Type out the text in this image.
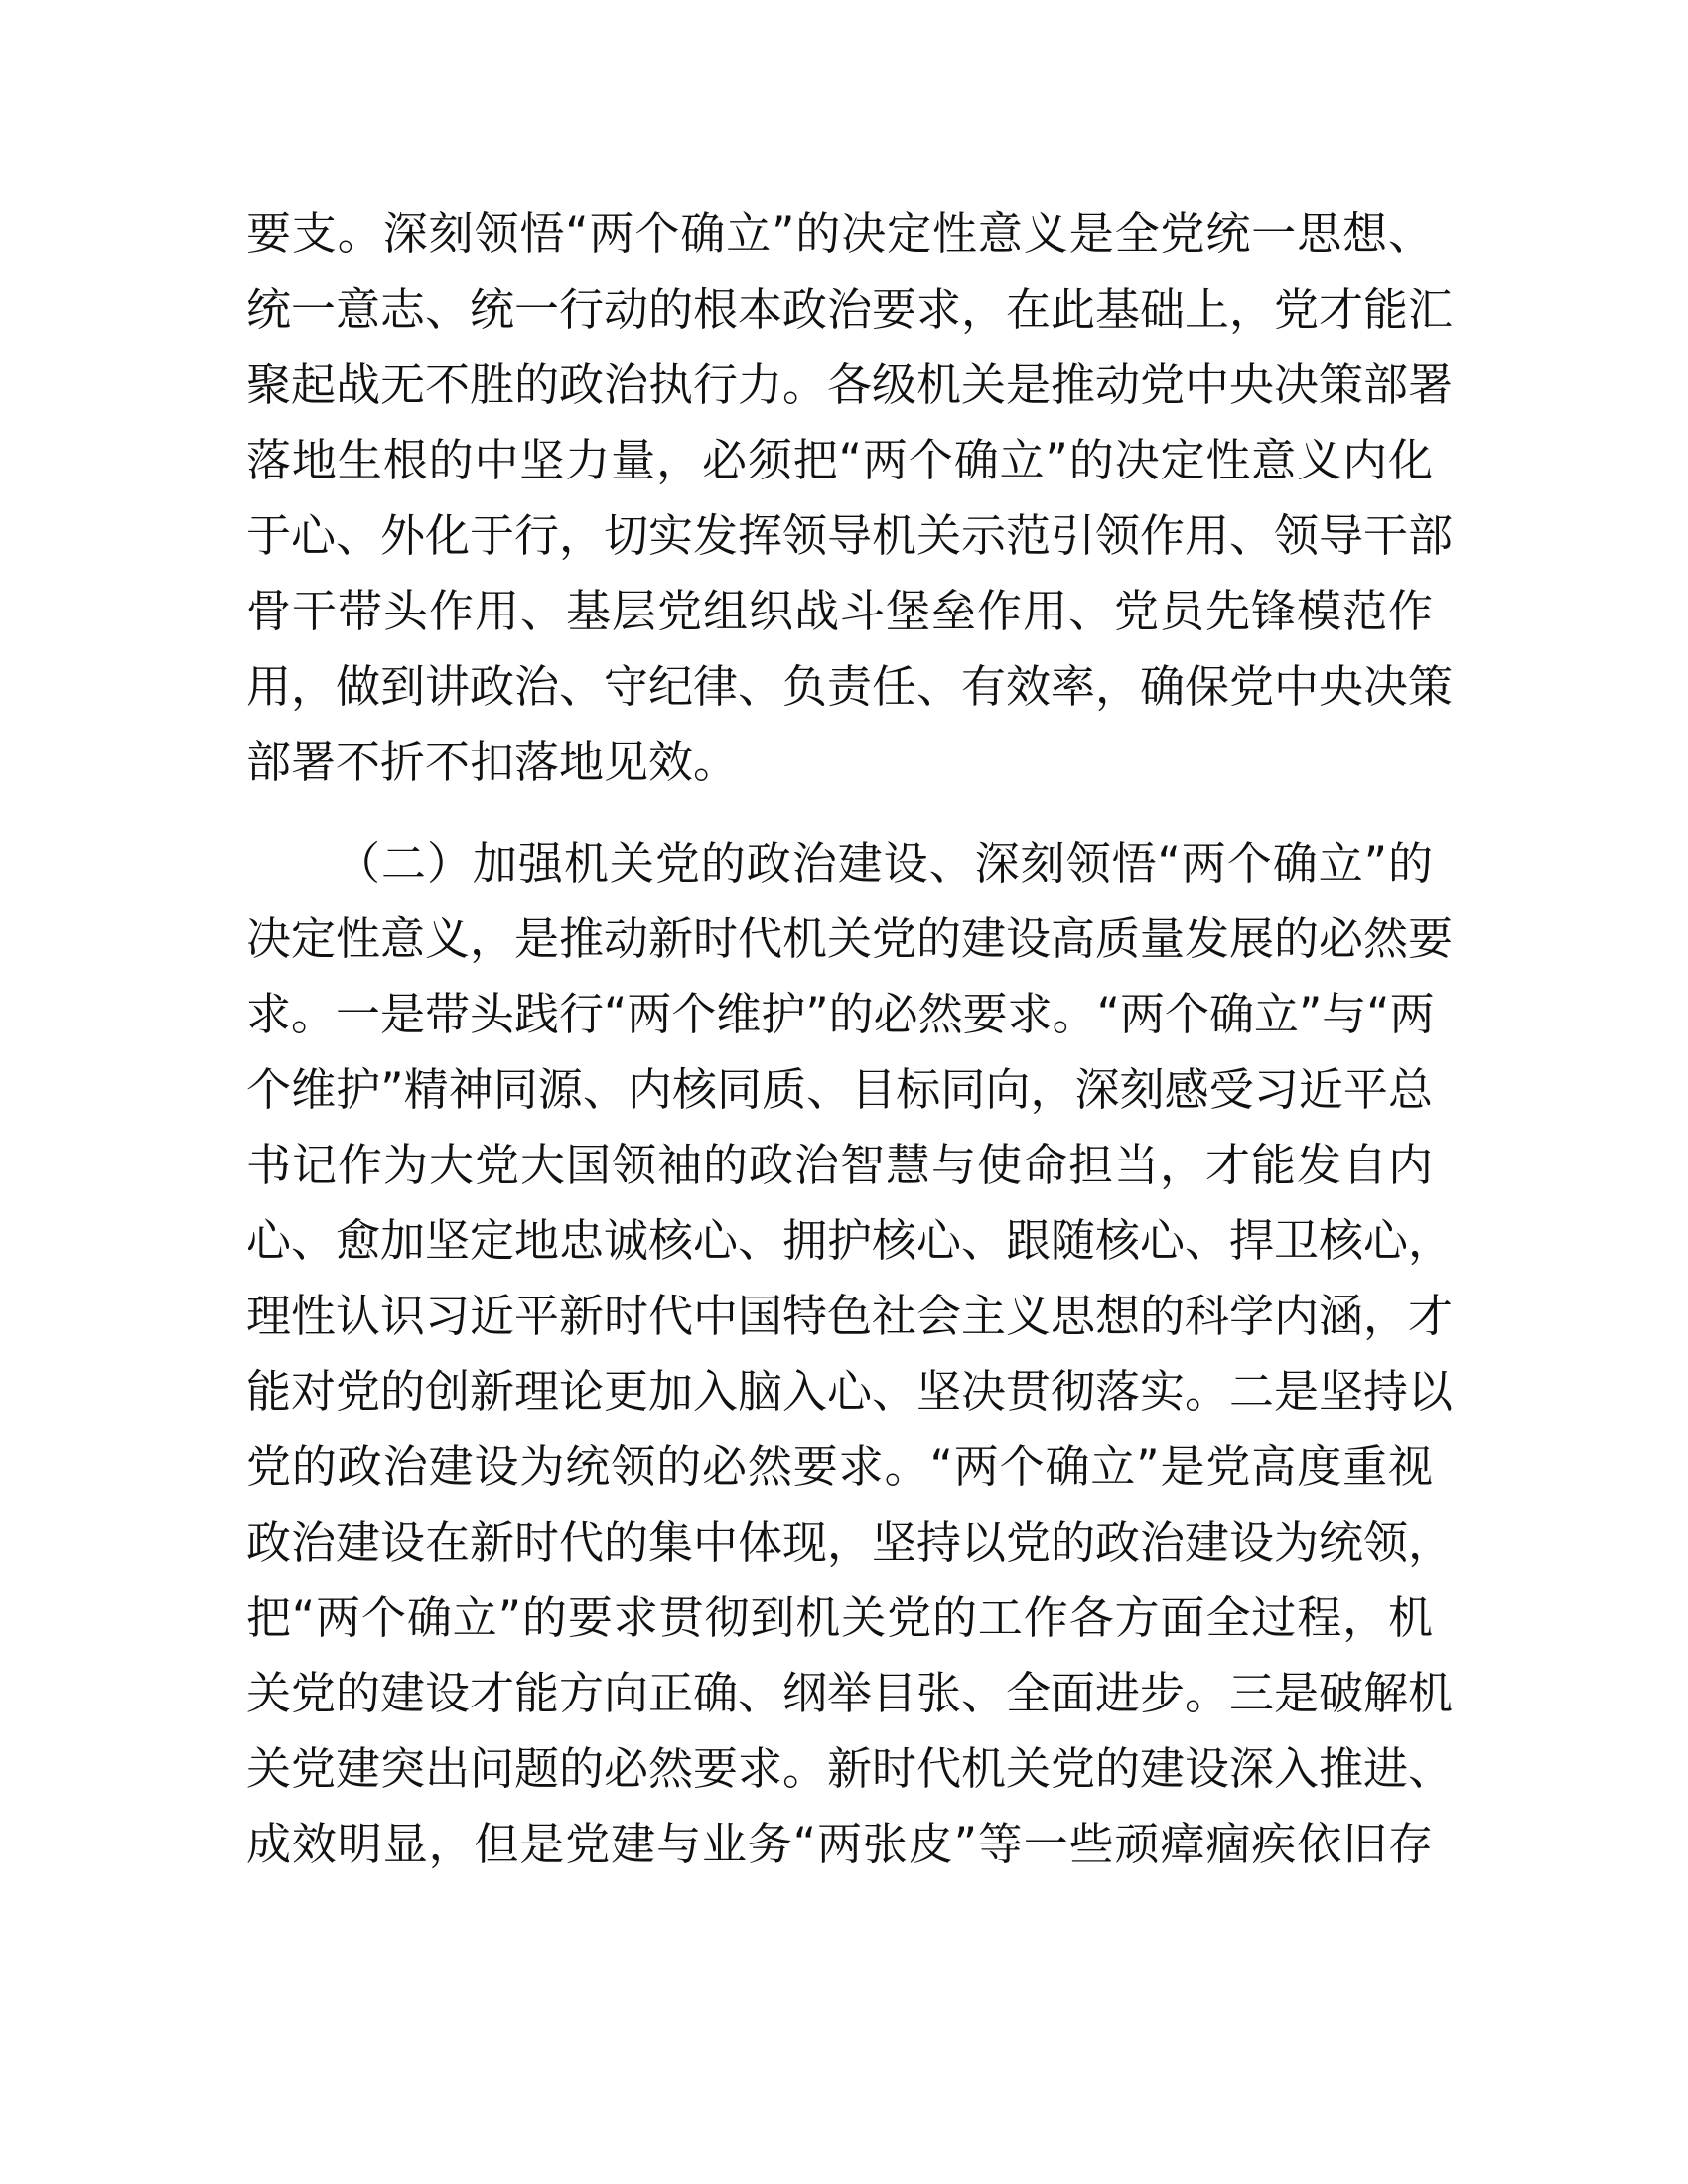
要支。深刻领悟“两个确立”的决定性意义是全党统一思想、
统一意志、统一行动的根本政治要求，在此基础上，党才能汇
聚起战无不胜的政治执行力。各级机关是推动党中央决策部署
落地生根的中坚力量，必须把“两个确立”的决定性意义内化
于心、外化于行，切实发挥领导机关示范引领作用、领导干部
骨干带头作用、基层党组织战斗堡垒作用、党员先锋模范作
用，做到讲政治、守纪律、负责任、有效率，确保党中央决策
部署不折不扣落地见效。
（二）加强机关党的政治建设、深刻领悟“两个确立”的
决定性意义，是推动新时代机关党的建设高质量发展的必然要
求。一是带头践行“两个维护”的必然要求。“两个确立”与“两
个维护”精神同源、内核同质、目标同向，深刻感受习近平总
书记作为大党大国领袖的政治智慧与使命担当，才能发自内
心、愈加坚定地忠诚核心、拥护核心、跟随核心、捍卫核心，
理性认识习近平新时代中国特色社会主义思想的科学内涵，才
能对党的创新理论更加入脑入心、坚决贯彻落实。二是坚持以
党的政治建设为统领的必然要求。“两个确立”是党高度重视
政治建设在新时代的集中体现，坚持以党的政治建设为统领，
把“两个确立”的要求贯彻到机关党的工作各方面全过程，机
关党的建设才能方向正确、纲举目张、全面进步。三是破解机
关党建突出问题的必然要求。新时代机关党的建设深入推进、
成效明显，但是党建与业务“两张皮”等一些顽瘴痼疾依旧存
